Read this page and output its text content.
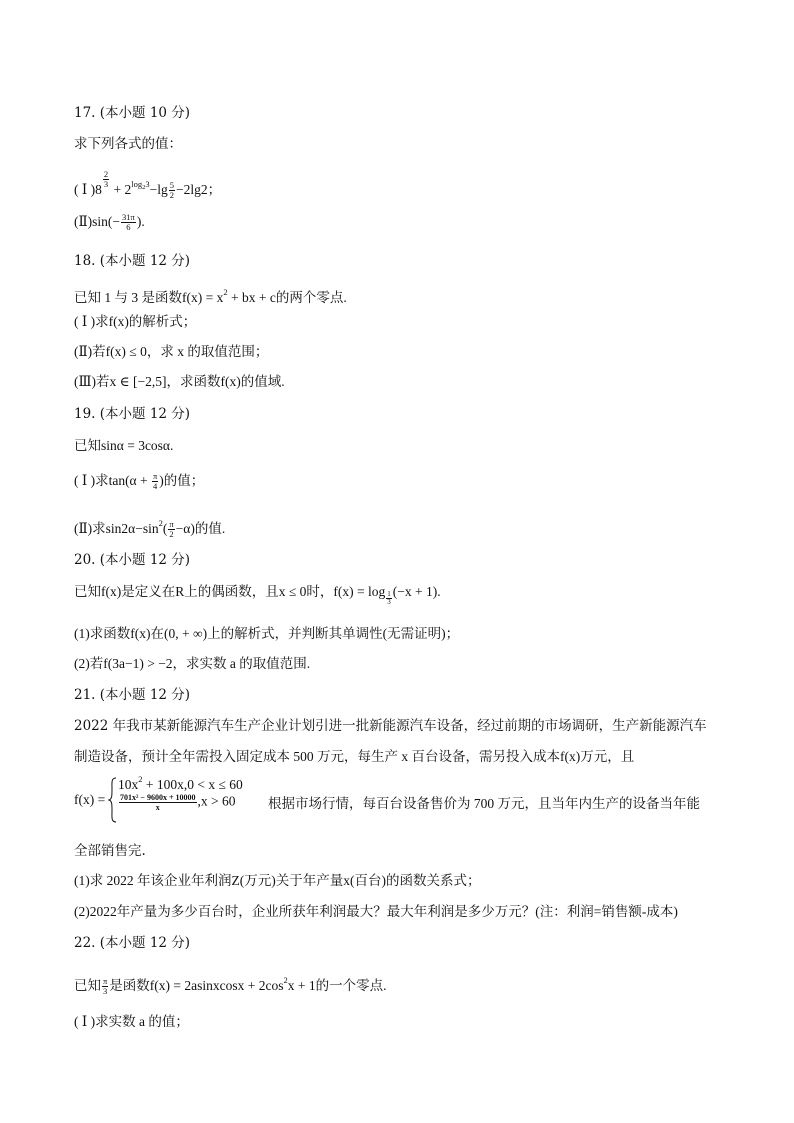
17. (本小题 10 分)
求下列各式的值：
( Ⅰ )8
$^{\frac{2}{3}}$
+ $2^{log_23}-\lg \frac{5}{2} -2\lg 2$；
(Ⅱ)sin(− $\frac{31\pi}{6}$ ).
18. (本小题 12 分)
已知 1 与 3 是函数$f(x) = x^2$ + bx + c的两个零点.
( Ⅰ )求f(x)的解析式；
(Ⅱ)若f(x) ≤ 0，求 x 的取值范围；
(Ⅲ)若x ∈ [−2,5]，求函数f(x)的值域.
19. (本小题 12 分)
已知sinα = 3cosα.
( Ⅰ )求$\tan(\alpha + \frac{\pi}{4}$ )的值；
(Ⅱ)求$\sin 2\alpha-\sin^2( \frac{\pi}{2} -\alpha)$的值.
20. (本小题 12 分)
已知f(x)是定义在R上的偶函数，且x ≤ 0时，$f(x) = \log \frac{1}{3} (-x + 1)$.
(1)求函数f(x)在(0, + ∞)上的解析式，并判断其单调性(无需证明)；
(2)若f(3a−1) > −2，求实数 a 的取值范围.
21. (本小题 12 分)
2022 年我市某新能源汽车生产企业计划引进一批新能源汽车设备，经过前期的市场调研，生产新能源汽车
制造设备，预计全年需投入固定成本 500 万元，每生产 x 百台设备，需另投入成本f(x)万元，且
f(x) =
$10x^2 + 100x,0 < x \le 60$
$\frac{\text{701x² − 9600x + 10000}}{x} ,x > 60$ 根据市场行情，每百台设备售价为 700 万元，且当年内生产的设备当年能
全部销售完.
(1)求 2022 年该企业年利润Z(万元)关于年产量x(百台)的函数关系式；
(2)2022年产量为多少百台时，企业所获年利润最大？最大年利润是多少万元？(注：利润=销售额-成本)
22. (本小题 12 分)
已知 $\frac{\pi}{3}$ 是函数f(x) = 2asinxcosx + $2\cos^2x + 1$的一个零点.
( Ⅰ )求实数 a 的值；
